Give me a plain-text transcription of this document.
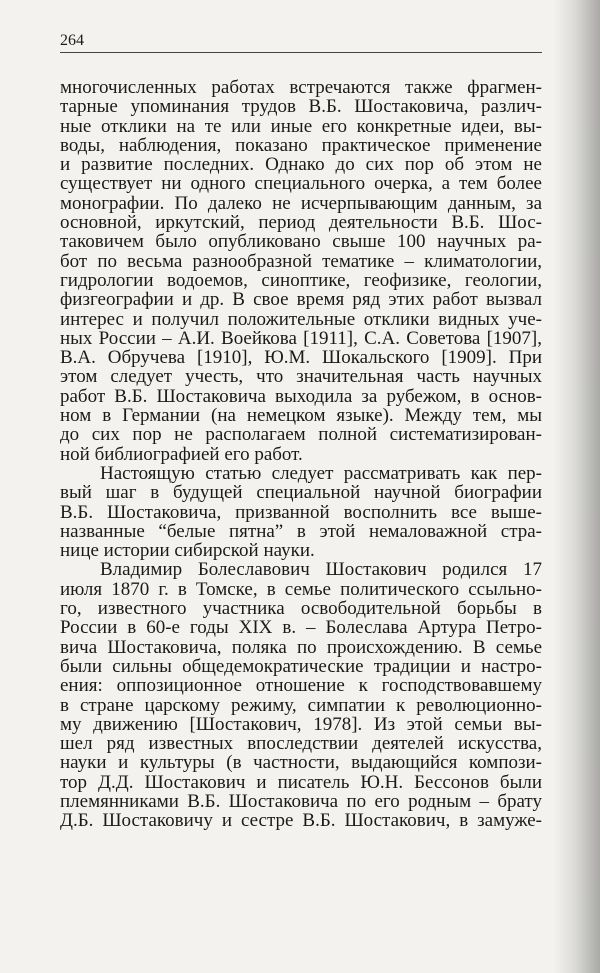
264
многочисленных работах встречаются также фрагмен-
тарные упоминания трудов В.Б. Шостаковича, различ-
ные отклики на те или иные его конкретные идеи, вы-
воды, наблюдения, показано практическое применение
и развитие последних. Однако до сих пор об этом не
существует ни одного специального очерка, а тем более
монографии. По далеко не исчерпывающим данным, за
основной, иркутский, период деятельности В.Б. Шос-
таковичем было опубликовано свыше 100 научных ра-
бот по весьма разнообразной тематике – климатологии,
гидрологии водоемов, синоптике, геофизике, геологии,
физгеографии и др. В свое время ряд этих работ вызвал
интерес и получил положительные отклики видных уче-
ных России – А.И. Воейкова [1911], С.А. Советова [1907],
В.А. Обручева [1910], Ю.М. Шокальского [1909]. При
этом следует учесть, что значительная часть научных
работ В.Б. Шостаковича выходила за рубежом, в основ-
ном в Германии (на немецком языке). Между тем, мы
до сих пор не располагаем полной систематизирован-
ной библиографией его работ.
Настоящую статью следует рассматривать как пер-
вый шаг в будущей специальной научной биографии
В.Б. Шостаковича, призванной восполнить все выше-
названные “белые пятна” в этой немаловажной стра-
нице истории сибирской науки.
Владимир Болеславович Шостакович родился 17
июля 1870 г. в Томске, в семье политического ссыльно-
го, известного участника освободительной борьбы в
России в 60-е годы XIX в. – Болеслава Артура Петро-
вича Шостаковича, поляка по происхождению. В семье
были сильны общедемократические традиции и настро-
ения: оппозиционное отношение к господствовавшему
в стране царскому режиму, симпатии к революционно-
му движению [Шостакович, 1978]. Из этой семьи вы-
шел ряд известных впоследствии деятелей искусства,
науки и культуры (в частности, выдающийся компози-
тор Д.Д. Шостакович и писатель Ю.Н. Бессонов были
племянниками В.Б. Шостаковича по его родным – брату
Д.Б. Шостаковичу и сестре В.Б. Шостакович, в замуже-
